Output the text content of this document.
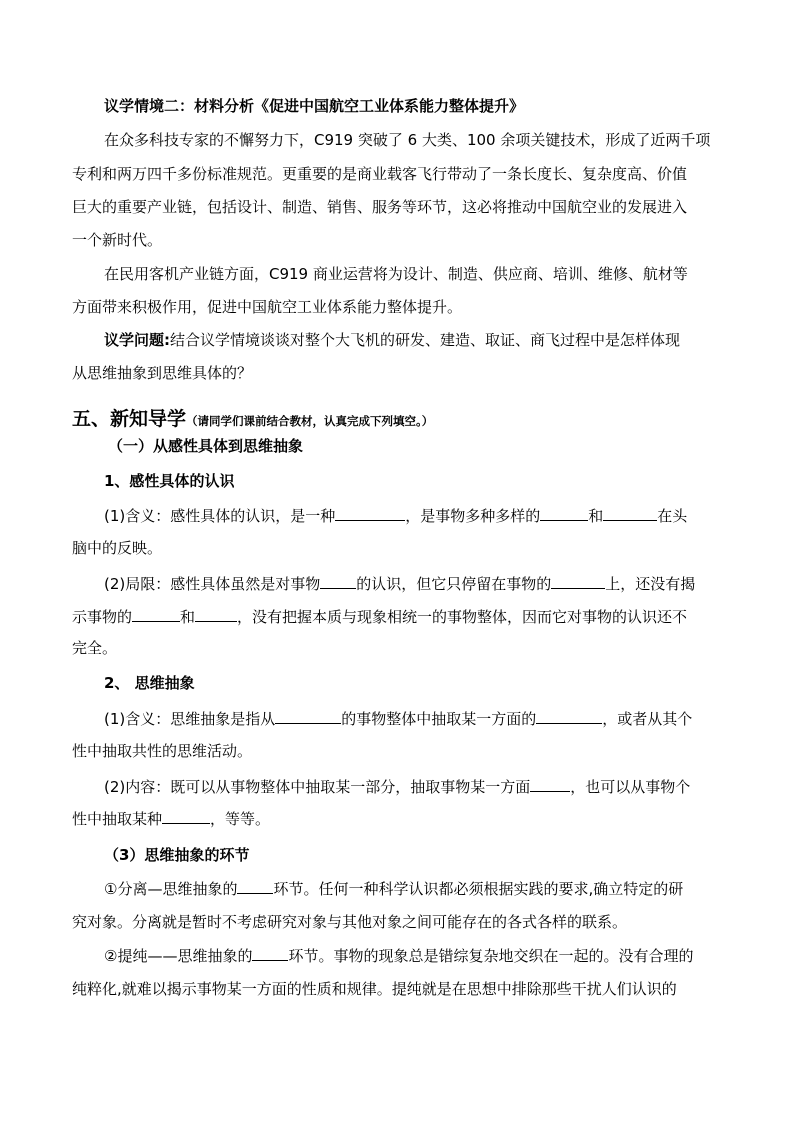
议学情境二：材料分析《促进中国航空工业体系能力整体提升》
在众多科技专家的不懈努力下，C919 突破了 6 大类、100 余项关键技术，形成了近两千项
专利和两万四千多份标准规范。更重要的是商业载客飞行带动了一条长度长、复杂度高、价值
巨大的重要产业链，包括设计、制造、销售、服务等环节，这必将推动中国航空业的发展进入
一个新时代。
在民用客机产业链方面，C919 商业运营将为设计、制造、供应商、培训、维修、航材等
方面带来积极作用，促进中国航空工业体系能力整体提升。
议学问题:结合议学情境谈谈对整个大飞机的研发、建造、取证、商飞过程中是怎样体现
从思维抽象到思维具体的？
五、新知导学（请同学们课前结合教材，认真完成下列填空。）
（一）从感性具体到思维抽象
1、感性具体的认识
(1)含义：感性具体的认识，是一种	，是事物多种多样的	和	在头
脑中的反映。
(2)局限：感性具体虽然是对事物 的认识，但它只停留在事物的	上，还没有揭
示事物的	和	，没有把握本质与现象相统一的事物整体，因而它对事物的认识还不
完全。
2、 思维抽象
(1)含义：思维抽象是指从	的事物整体中抽取某一方面的	，或者从其个
性中抽取共性的思维活动。
(2)内容：既可以从事物整体中抽取某一部分，抽取事物某一方面	，也可以从事物个
性中抽取某种	，等等。
（3）思维抽象的环节
①分离—思维抽象的 环节。任何一种科学认识都必须根据实践的要求,确立特定的研
究对象。分离就是暂时不考虑研究对象与其他对象之间可能存在的各式各样的联系。
②提纯——思维抽象的 环节。事物的现象总是错综复杂地交织在一起的。没有合理的
纯粹化,就难以揭示事物某一方面的性质和规律。提纯就是在思想中排除那些干扰人们认识的
